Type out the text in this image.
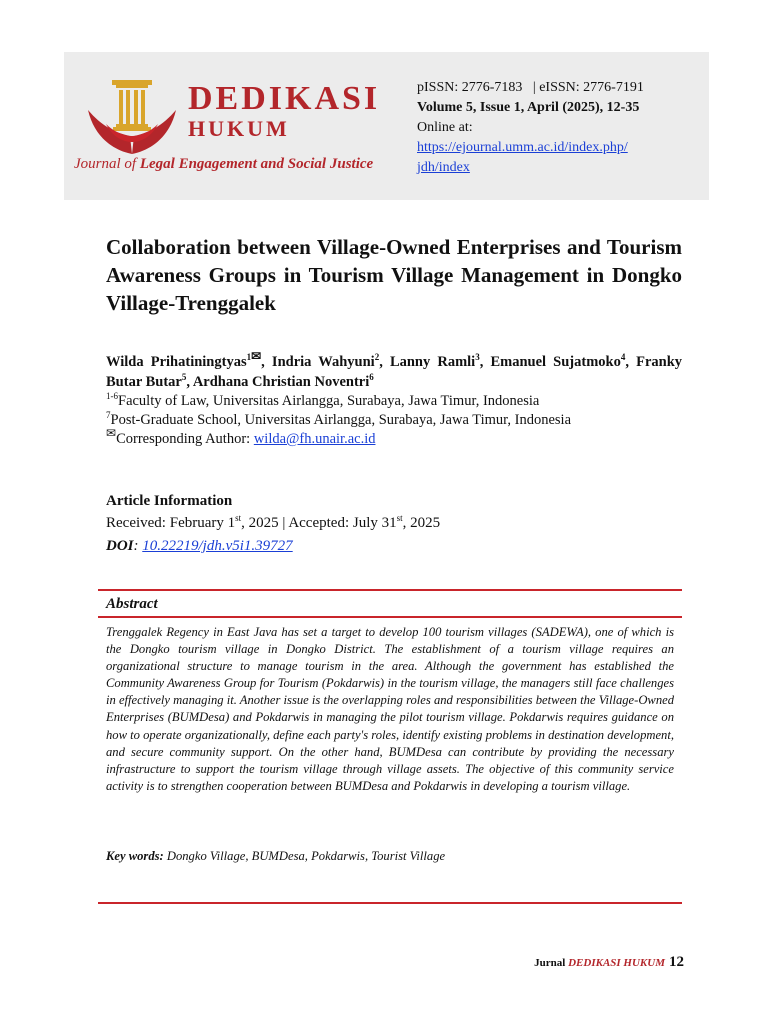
DEDIKASI
HUKUM
Journal of Legal Engagement and Social Justice
pISSN: 2776-7183   | eISSN: 2776-7191
Volume 5, Issue 1, April (2025), 12-35
Online at:
https://ejournal.umm.ac.id/index.php/
jdh/index
Collaboration between Village-Owned Enterprises and Tourism Awareness Groups in Tourism Village Management in Dongko Village-Trenggalek
Wilda Prihatiningtyas$^{1✉}$, Indria Wahyuni$^2$, Lanny Ramli$^3$, Emanuel Sujatmoko$^4$, Franky Butar Butar$^5$, Ardhana Christian Noventri$^6$
$^{1-6}$Faculty of Law, Universitas Airlangga, Surabaya, Jawa Timur, Indonesia
$^7$Post-Graduate School, Universitas Airlangga, Surabaya, Jawa Timur, Indonesia
✉Corresponding Author: wilda@fh.unair.ac.id
Article Information
Received: February 1st, 2025 | Accepted: July 31st, 2025
DOI: 10.22219/jdh.v5i1.39727
Abstract
Trenggalek Regency in East Java has set a target to develop 100 tourism villages (SADEWA), one of which is the Dongko tourism village in Dongko District. The establishment of a tourism village requires an organizational structure to manage tourism in the area. Although the government has established the Community Awareness Group for Tourism (Pokdarwis) in the tourism village, the managers still face challenges in effectively managing it. Another issue is the overlapping roles and responsibilities between the Village-Owned Enterprises (BUMDesa) and Pokdarwis in managing the pilot tourism village. Pokdarwis requires guidance on how to operate organizationally, define each party's roles, identify existing problems in destination development, and secure community support. On the other hand, BUMDesa can contribute by providing the necessary infrastructure to support the tourism village through village assets. The objective of this community service activity is to strengthen cooperation between BUMDesa and Pokdarwis in developing a tourism village.
Key words: Dongko Village, BUMDesa, Pokdarwis, Tourist Village
Jurnal DEDIKASI HUKUM 12
